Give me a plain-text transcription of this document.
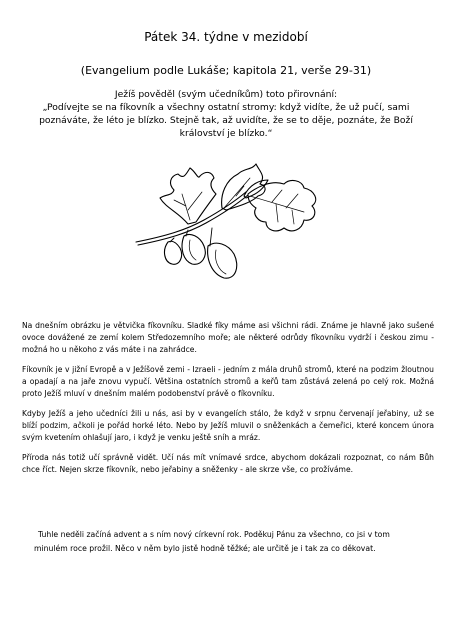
Pátek 34. týdne v mezidobí
(Evangelium podle Lukáše; kapitola 21, verše 29-31)
Ježíš pověděl (svým učedníkům) toto přirovnání:
„Podívejte se na fíkovník a všechny ostatní stromy: když vidíte, že už pučí, sami poznáváte, že léto je blízko. Stejně tak, až uvidíte, že se to děje, poznáte, že Boží království je blízko.“

Na dnešním obrázku je větvička fíkovníku. Sladké fíky máme asi všichni rádi. Známe je hlavně jako sušené ovoce dovážené ze zemí kolem Středozemního moře; ale některé odrůdy fíkovníku vydrží i českou zimu - možná ho u někoho z vás máte i na zahrádce.

Fíkovník je v jižní Evropě a v Ježíšově zemi - Izraeli - jedním z mála druhů stromů, které na podzim žloutnou a opadají a na jaře znovu vypučí. Většina ostatních stromů a keřů tam zůstává zelená po celý rok. Možná proto Ježíš mluví v dnešním malém podobenství právě o fíkovníku.

Kdyby Ježíš a jeho učedníci žili u nás, asi by v evangelích stálo, že když v srpnu červenají jeřabiny, už se blíží podzim, ačkoli je pořád horké léto. Nebo by Ježíš mluvil o sněženkách a čemeřici, které koncem února svým kvetením ohlašují jaro, i když je venku ještě sníh a mráz.

Příroda nás totiž učí správně vidět. Učí nás mít vnímavé srdce, abychom dokázali rozpoznat, co nám Bůh chce říct. Nejen skrze fíkovník, nebo jeřabiny a sněženky - ale skrze vše, co prožíváme.

Tuhle neděli začíná advent a s ním nový církevní rok. Poděkuj Pánu za všechno, co jsi v tom
minulém roce prožil. Něco v něm bylo jistě hodně těžké; ale určitě je i tak za co děkovat.
